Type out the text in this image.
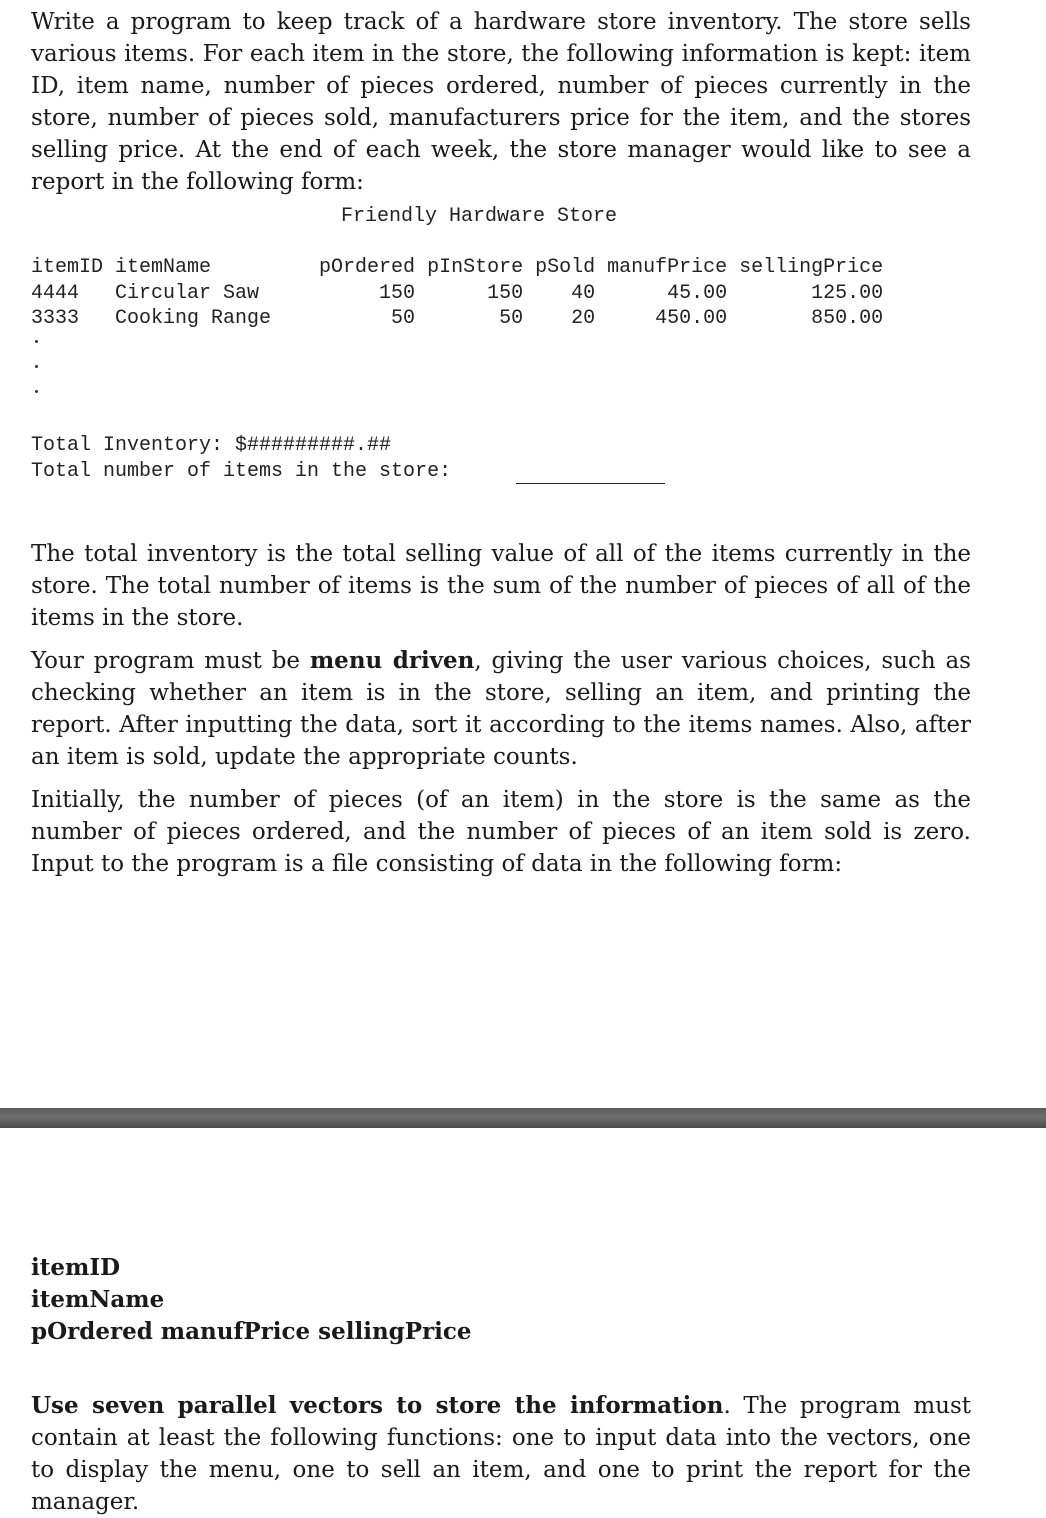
Write a program to keep track of a hardware store inventory. The store sells various items. For each item in the store, the following information is kept: item ID, item name, number of pieces ordered, number of pieces currently in the store, number of pieces sold, manufacturers price for the item, and the stores selling price. At the end of each week, the store manager would like to see a report in the following form:

Friendly Hardware Store
itemID itemName         pOrdered pInStore pSold manufPrice sellingPrice
4444   Circular Saw          150      150    40      45.00       125.00
3333   Cooking Range          50       50    20     450.00       850.00
Total Inventory: $#########.##
Total number of items in the store:

The total inventory is the total selling value of all of the items currently in the store. The total number of items is the sum of the number of pieces of all of the items in the store.

Your program must be menu driven, giving the user various choices, such as checking whether an item is in the store, selling an item, and printing the report. After inputting the data, sort it according to the items names. Also, after an item is sold, update the appropriate counts.

Initially, the number of pieces (of an item) in the store is the same as the number of pieces ordered, and the number of pieces of an item sold is zero. Input to the program is a file consisting of data in the following form:

itemID
itemName
pOrdered manufPrice sellingPrice

Use seven parallel vectors to store the information. The program must contain at least the following functions: one to input data into the vectors, one to display the menu, one to sell an item, and one to print the report for the manager.
